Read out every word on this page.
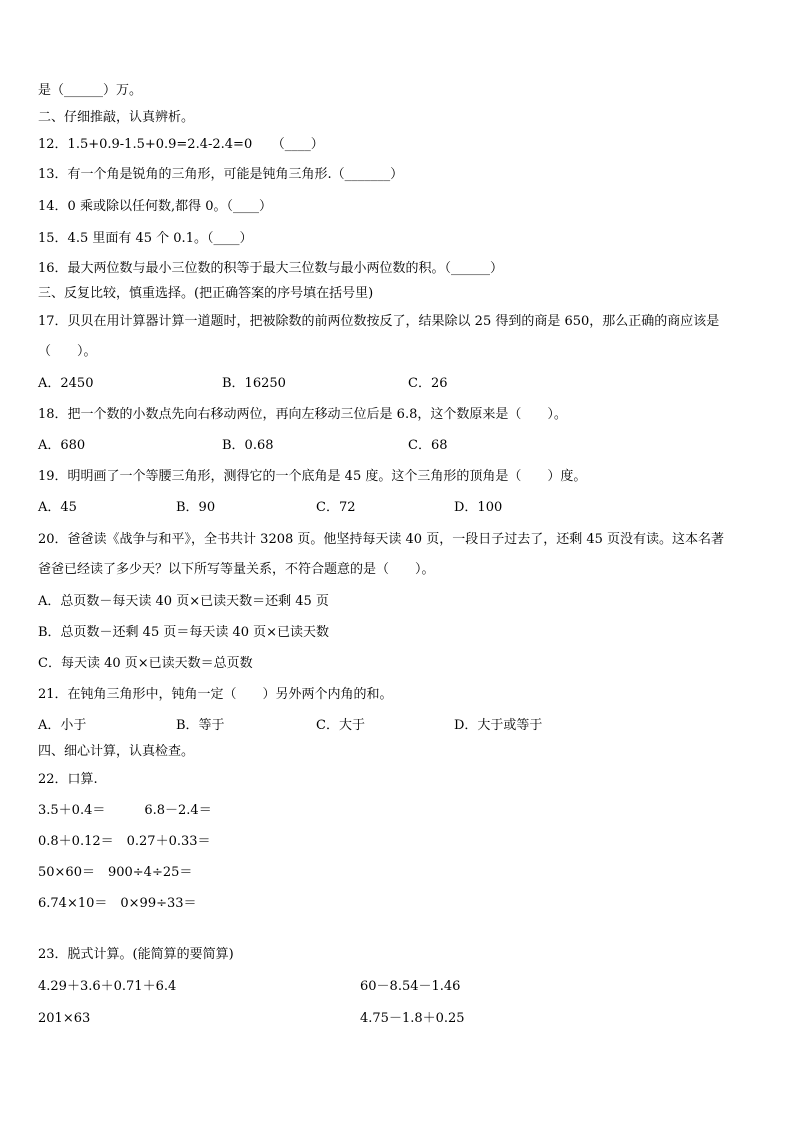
是（______）万。
二、仔细推敲，认真辨析。
12．1.5+0.9-1.5+0.9=2.4-2.4=0　　（____）
13．有一个角是锐角的三角形，可能是钝角三角形.（_______）
14．0 乘或除以任何数,都得 0。（____）
15．4.5 里面有 45 个 0.1。（____）
16．最大两位数与最小三位数的积等于最大三位数与最小两位数的积。（______）
三、反复比较，慎重选择。(把正确答案的序号填在括号里)
17．贝贝在用计算器计算一道题时，把被除数的前两位数按反了，结果除以 25 得到的商是 650，那么正确的商应该是
（　　）。
A．2450	B．16250	C．26
18．把一个数的小数点先向右移动两位，再向左移动三位后是 6.8，这个数原来是（　　）。
A．680	B．0.68	C．68
19．明明画了一个等腰三角形，测得它的一个底角是 45 度。这个三角形的顶角是（　　）度。
A．45	B．90	C．72	D．100
20．爸爸读《战争与和平》，全书共计 3208 页。他坚持每天读 40 页，一段日子过去了，还剩 45 页没有读。这本名著
爸爸已经读了多少天？以下所写等量关系，不符合题意的是（　　）。
A．总页数－每天读 40 页×已读天数＝还剩 45 页
B．总页数－还剩 45 页＝每天读 40 页×已读天数
C．每天读 40 页×已读天数＝总页数
21．在钝角三角形中，钝角一定（　　）另外两个内角的和。
A．小于	B．等于	C．大于	D．大于或等于
四、细心计算，认真检查。
22．口算.
3.5＋0.4＝　　　6.8－2.4＝
0.8＋0.12＝　0.27＋0.33＝
50×60＝　900÷4÷25＝
6.74×10＝　0×99÷33＝
23．脱式计算。(能简算的要简算)
4.29＋3.6＋0.71＋6.4	60－8.54－1.46
201×63	4.75－1.8＋0.25
